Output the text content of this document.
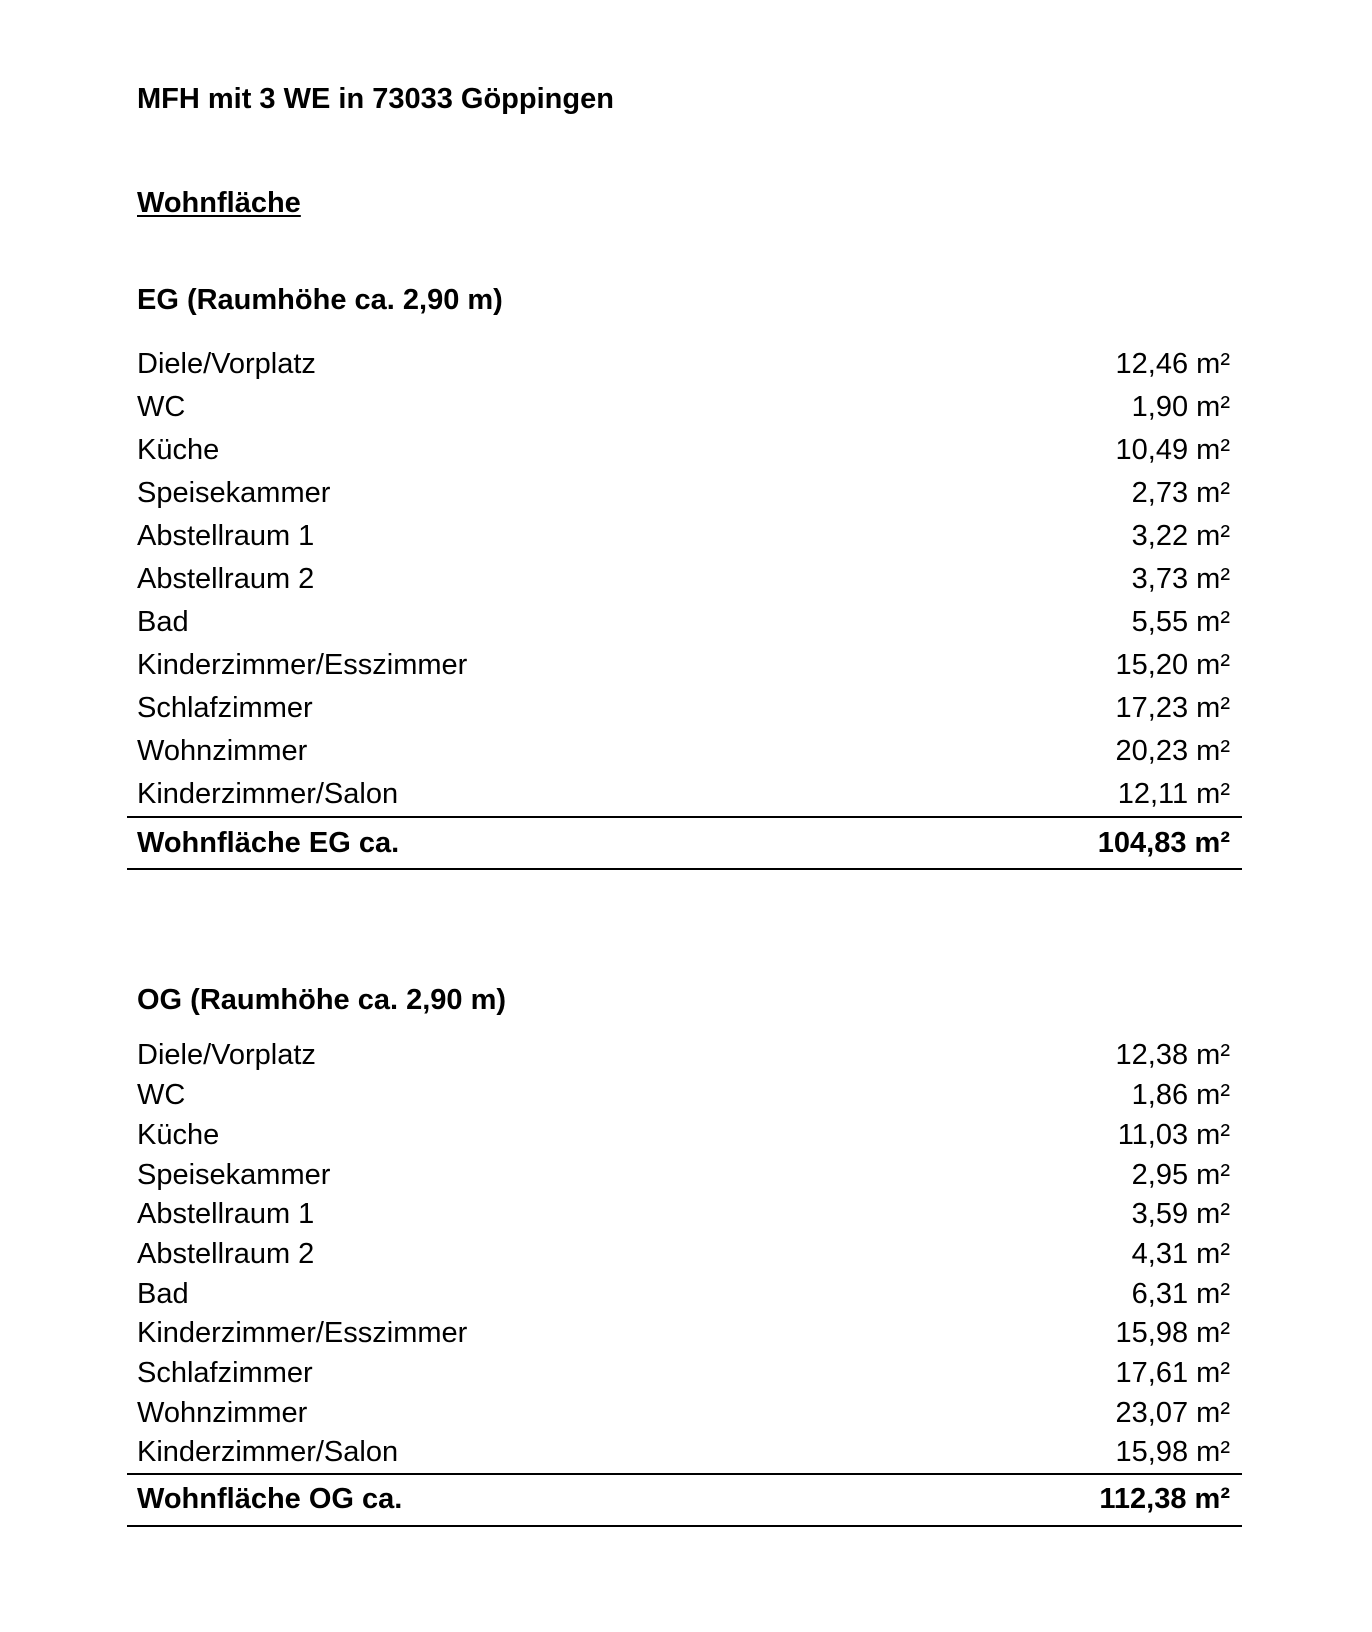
MFH mit 3 WE in 73033 Göppingen
Wohnfläche
EG (Raumhöhe ca. 2,90 m)
Diele/Vorplatz	12,46 m²
WC	1,90 m²
Küche	10,49 m²
Speisekammer	2,73 m²
Abstellraum 1	3,22 m²
Abstellraum 2	3,73 m²
Bad	5,55 m²
Kinderzimmer/Esszimmer	15,20 m²
Schlafzimmer	17,23 m²
Wohnzimmer	20,23 m²
Kinderzimmer/Salon	12,11 m²
Wohnfläche EG ca.	104,83 m²
OG (Raumhöhe ca. 2,90 m)
Diele/Vorplatz	12,38 m²
WC	1,86 m²
Küche	11,03 m²
Speisekammer	2,95 m²
Abstellraum 1	3,59 m²
Abstellraum 2	4,31 m²
Bad	6,31 m²
Kinderzimmer/Esszimmer	15,98 m²
Schlafzimmer	17,61 m²
Wohnzimmer	23,07 m²
Kinderzimmer/Salon	15,98 m²
Wohnfläche OG ca.	112,38 m²
